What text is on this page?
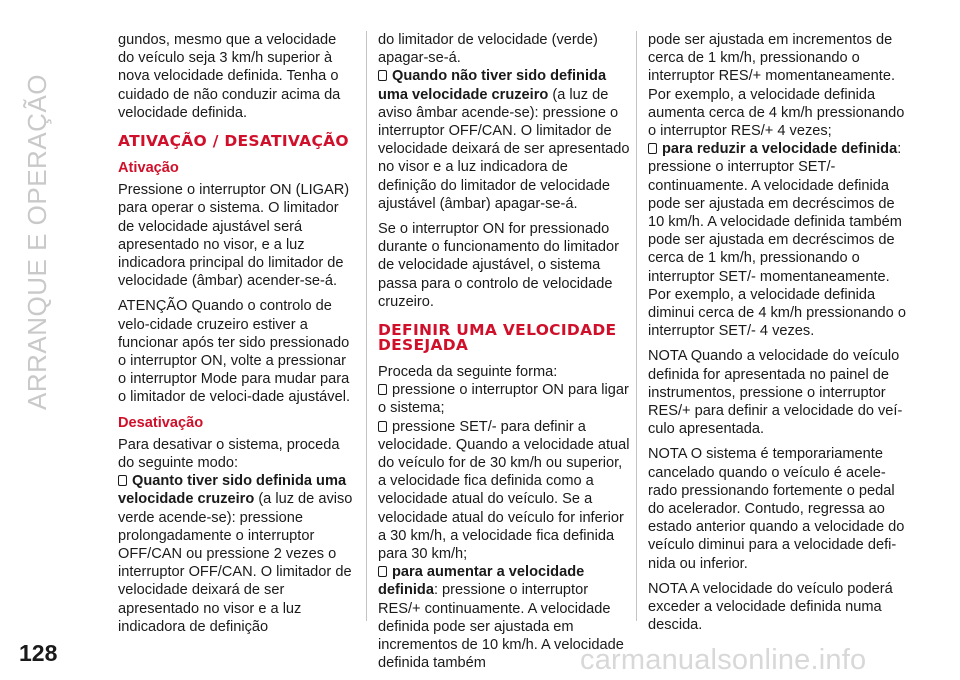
ARRANQUE E OPERAÇÃO

gundos, mesmo que a velocidade do veículo seja 3 km/h superior à nova velocidade definida. Tenha o cuidado de não conduzir acima da velocidade definida.

ATIVAÇÃO / DESATIVAÇÃO
Ativação

Pressione o interruptor ON (LIGAR) para operar o sistema. O limitador de velocidade ajustável será apresentado no visor, e a luz indicadora principal do limitador de velocidade (âmbar) acender-se-á.

ATENÇÃO Quando o controlo de velo-cidade cruzeiro estiver a funcionar após ter sido pressionado o interruptor ON, volte a pressionar o interruptor Mode para mudar para o limitador de veloci-dade ajustável.

Desativação

Para desativar o sistema, proceda do seguinte modo:

Quanto tiver sido definida uma velocidade cruzeiro (a luz de aviso verde acende-se): pressione prolongadamente o interruptor OFF/CAN ou pressione 2 vezes o interruptor OFF/CAN. O limitador de velocidade deixará de ser apresentado no visor e a luz indicadora de definição

do limitador de velocidade (verde) apagar-se-á.

Quando não tiver sido definida uma velocidade cruzeiro (a luz de aviso âmbar acende-se): pressione o interruptor OFF/CAN. O limitador de velocidade deixará de ser apresentado no visor e a luz indicadora de definição do limitador de velocidade ajustável (âmbar) apagar-se-á.

Se o interruptor ON for pressionado durante o funcionamento do limitador de velocidade ajustável, o sistema passa para o controlo de velocidade cruzeiro.

DEFINIR UMA VELOCIDADE DESEJADA

Proceda da seguinte forma:

pressione o interruptor ON para ligar o sistema;

pressione SET/- para definir a velocidade. Quando a velocidade atual do veículo for de 30 km/h ou superior, a velocidade fica definida como a velocidade atual do veículo. Se a velocidade atual do veículo for inferior a 30 km/h, a velocidade fica definida para 30 km/h;

para aumentar a velocidade definida: pressione o interruptor RES/+ continuamente. A velocidade definida pode ser ajustada em incrementos de 10 km/h. A velocidade definida também

pode ser ajustada em incrementos de cerca de 1 km/h, pressionando o interruptor RES/+ momentaneamente. Por exemplo, a velocidade definida aumenta cerca de 4 km/h pressionando o interruptor RES/+ 4 vezes;

para reduzir a velocidade definida: pressione o interruptor SET/- continuamente. A velocidade definida pode ser ajustada em decréscimos de 10 km/h. A velocidade definida também pode ser ajustada em decréscimos de cerca de 1 km/h, pressionando o interruptor SET/- momentaneamente. Por exemplo, a velocidade definida diminui cerca de 4 km/h pressionando o interruptor SET/- 4 vezes.

NOTA Quando a velocidade do veículo definida for apresentada no painel de instrumentos, pressione o interruptor RES/+ para definir a velocidade do veí-culo apresentada.

NOTA O sistema é temporariamente cancelado quando o veículo é acele-rado pressionando fortemente o pedal do acelerador. Contudo, regressa ao estado anterior quando a velocidade do veículo diminui para a velocidade defi-nida ou inferior.

NOTA A velocidade do veículo poderá exceder a velocidade definida numa descida.

128	carmanualsonline.info
